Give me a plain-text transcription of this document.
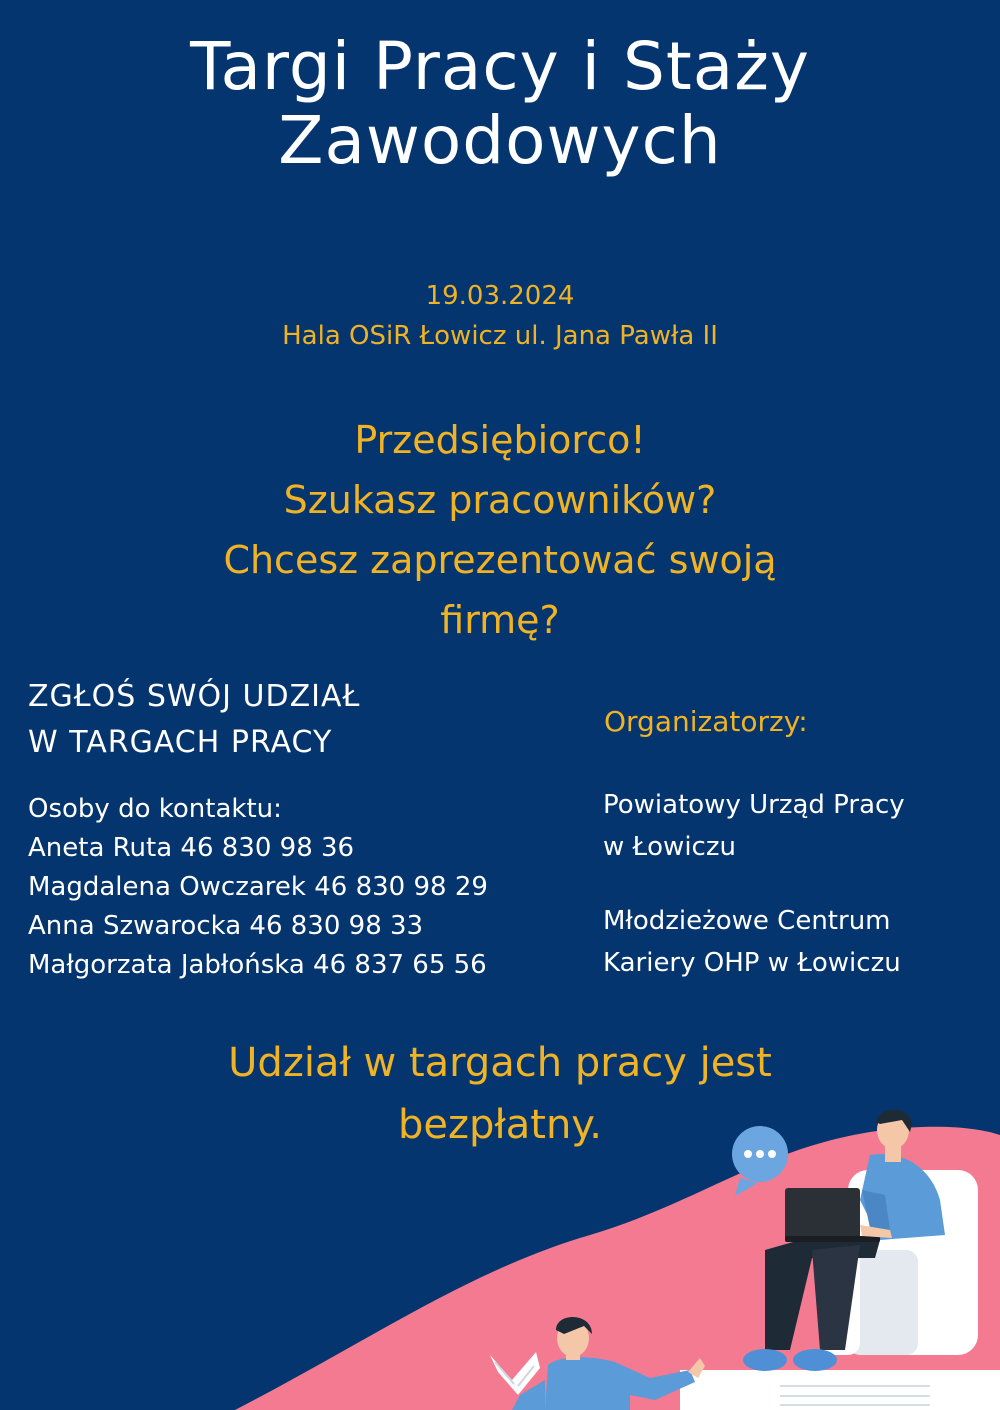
Targi Pracy i Staży
Zawodowych
19.03.2024
Hala OSiR Łowicz ul. Jana Pawła II
Przedsiębiorco!
Szukasz pracowników?
Chcesz zaprezentować swoją
firmę?
ZGŁOŚ SWÓJ UDZIAŁ
W TARGACH PRACY
Osoby do kontaktu:
Aneta Ruta 46 830 98 36
Magdalena Owczarek 46 830 98 29
Anna Szwarocka 46 830 98 33
Małgorzata Jabłońska 46 837 65 56
Organizatorzy:
Powiatowy Urząd Pracy
w Łowiczu
Młodzieżowe Centrum
Kariery OHP w Łowiczu
Udział w targach pracy jest
bezpłatny.
